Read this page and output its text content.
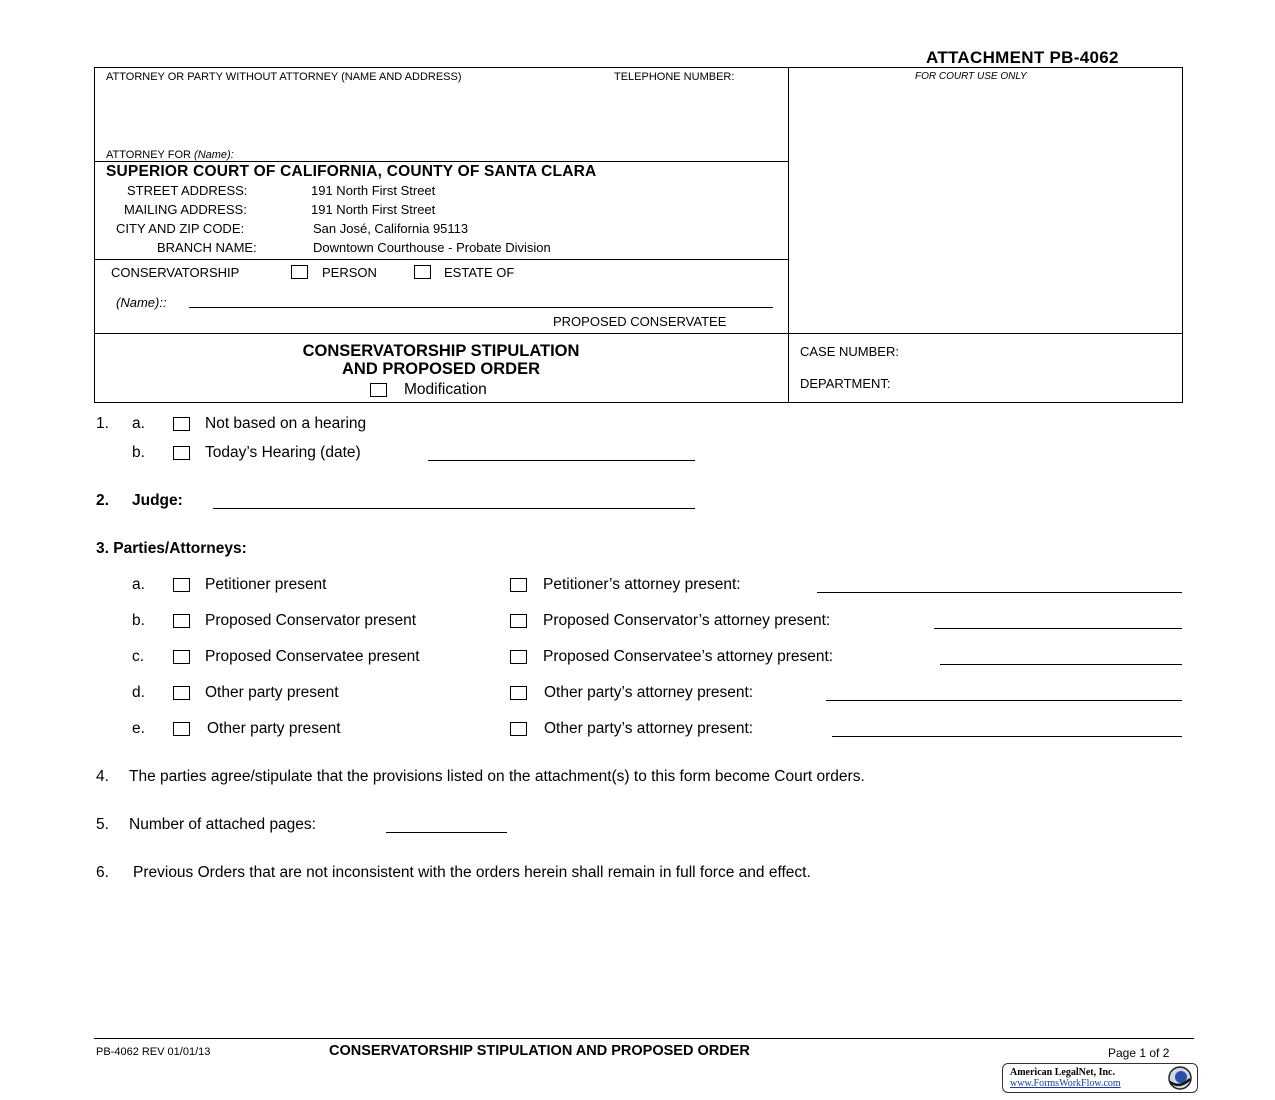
ATTACHMENT PB-4062
ATTORNEY OR PARTY WITHOUT ATTORNEY (NAME AND ADDRESS)	TELEPHONE NUMBER:
ATTORNEY FOR (Name):
FOR COURT USE ONLY
SUPERIOR COURT OF CALIFORNIA, COUNTY OF SANTA CLARA
STREET ADDRESS:	191 North First Street
MAILING ADDRESS:	191 North First Street
CITY AND ZIP CODE:	San José, California 95113
BRANCH NAME:	Downtown Courthouse - Probate Division
CONSERVATORSHIP	PERSON	ESTATE OF
(Name)::
PROPOSED CONSERVATEE
CONSERVATORSHIP STIPULATION
AND PROPOSED ORDER
Modification
CASE NUMBER:
DEPARTMENT:
1. a.	Not based on a hearing
b.	Today’s Hearing (date)
2. Judge:
3. Parties/Attorneys:
a.	Petitioner present	Petitioner’s attorney present:
b.	Proposed Conservator present	Proposed Conservator’s attorney present:
c.	Proposed Conservatee present	Proposed Conservatee’s attorney present:
d.	Other party present	Other party’s attorney present:
e.	Other party present	Other party’s attorney present:
4. The parties agree/stipulate that the provisions listed on the attachment(s) to this form become Court orders.
5. Number of attached pages:
6. Previous Orders that are not inconsistent with the orders herein shall remain in full force and effect.
PB-4062 REV 01/01/13	CONSERVATORSHIP STIPULATION AND PROPOSED ORDER	Page 1 of 2
American LegalNet, Inc.
www.FormsWorkFlow.com
